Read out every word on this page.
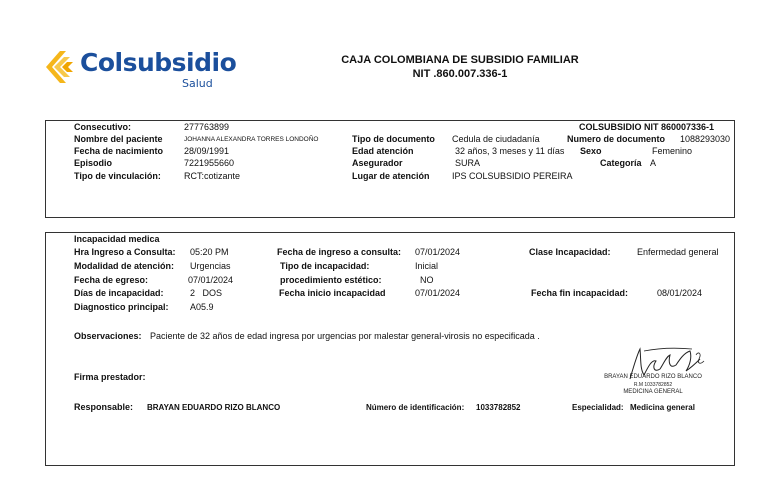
Colsubsidio
Salud
CAJA COLOMBIANA DE SUBSIDIO FAMILIAR
NIT .860.007.336-1
Consecutivo:	277763899	COLSUBSIDIO NIT 860007336-1
Nombre del paciente	JOHANNA ALEXANDRA TORRES LONDOÑO	Tipo de documento Cedula de ciudadanía	Numero de documento 1088293030
Fecha de nacimiento 28/09/1991	Edad atención	32 años, 3 meses y 11 días Sexo	Femenino
Episodio	7221955660	Asegurador	SURA	Categoría A
Tipo de vinculación:	RCT:cotizante	Lugar de atención IPS COLSUBSIDIO PEREIRA
Incapacidad medica
Hra Ingreso a Consulta: 05:20 PM	Fecha de ingreso a consulta: 07/01/2024	Clase Incapacidad:	Enfermedad general
Modalidad de atención: Urgencias	Tipo de incapacidad:	Inicial
Fecha de egreso:	07/01/2024	procedimiento estético:	NO
Días de incapacidad:	2   DOS	Fecha inicio incapacidad	07/01/2024	Fecha fin incapacidad:	08/01/2024
Diagnostico principal: A05.9
Observaciones: Paciente de 32 años de edad ingresa por urgencias por malestar general-virosis no especificada .
Firma prestador:	BRAYAN EDUARDO RIZO BLANCO
R.M 1033782852
MEDICINA GENERAL
Responsable: BRAYAN EDUARDO RIZO BLANCO	Número de identificación: 1033782852	Especialidad: Medicina general
